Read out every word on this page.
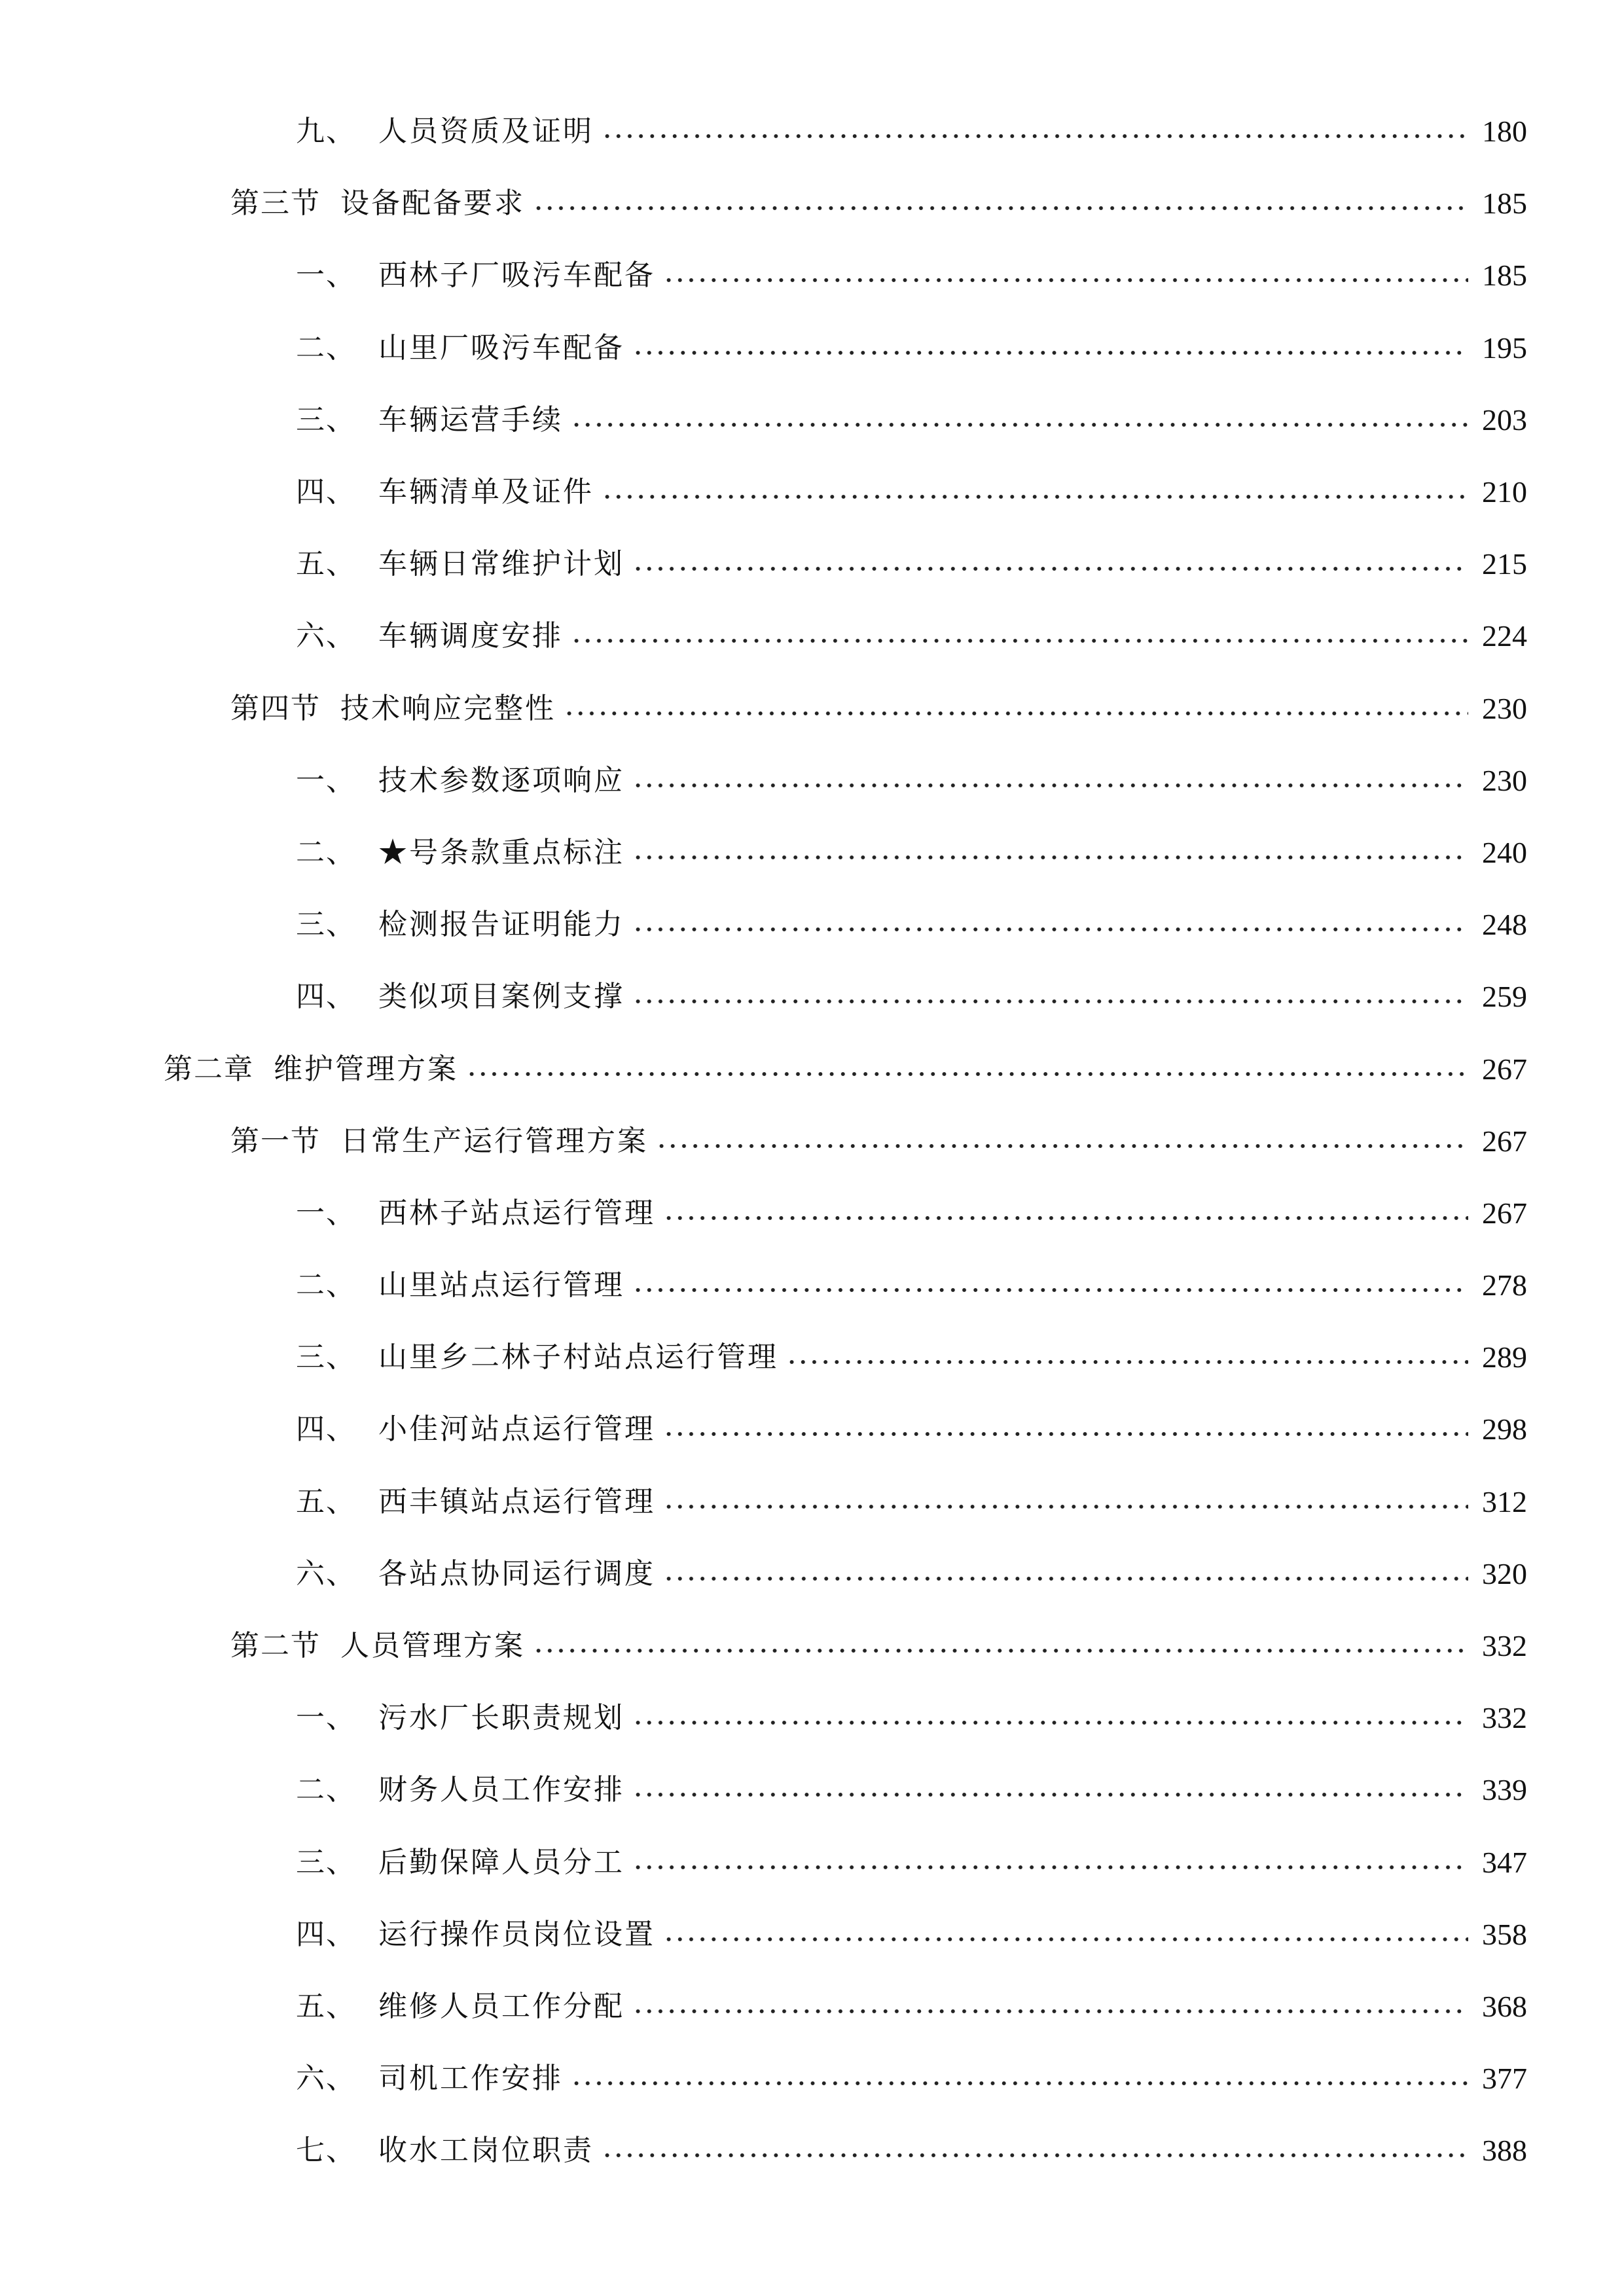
九、 人员资质及证明	180
第三节 设备配备要求	185
一、 西林子厂吸污车配备	185
二、 山里厂吸污车配备	195
三、 车辆运营手续	203
四、 车辆清单及证件	210
五、 车辆日常维护计划	215
六、 车辆调度安排	224
第四节 技术响应完整性	230
一、 技术参数逐项响应	230
二、 ★号条款重点标注	240
三、 检测报告证明能力	248
四、 类似项目案例支撑	259
第二章 维护管理方案	267
第一节 日常生产运行管理方案	267
一、 西林子站点运行管理	267
二、 山里站点运行管理	278
三、 山里乡二林子村站点运行管理	289
四、 小佳河站点运行管理	298
五、 西丰镇站点运行管理	312
六、 各站点协同运行调度	320
第二节 人员管理方案	332
一、 污水厂长职责规划	332
二、 财务人员工作安排	339
三、 后勤保障人员分工	347
四、 运行操作员岗位设置	358
五、 维修人员工作分配	368
六、 司机工作安排	377
七、 收水工岗位职责	388
